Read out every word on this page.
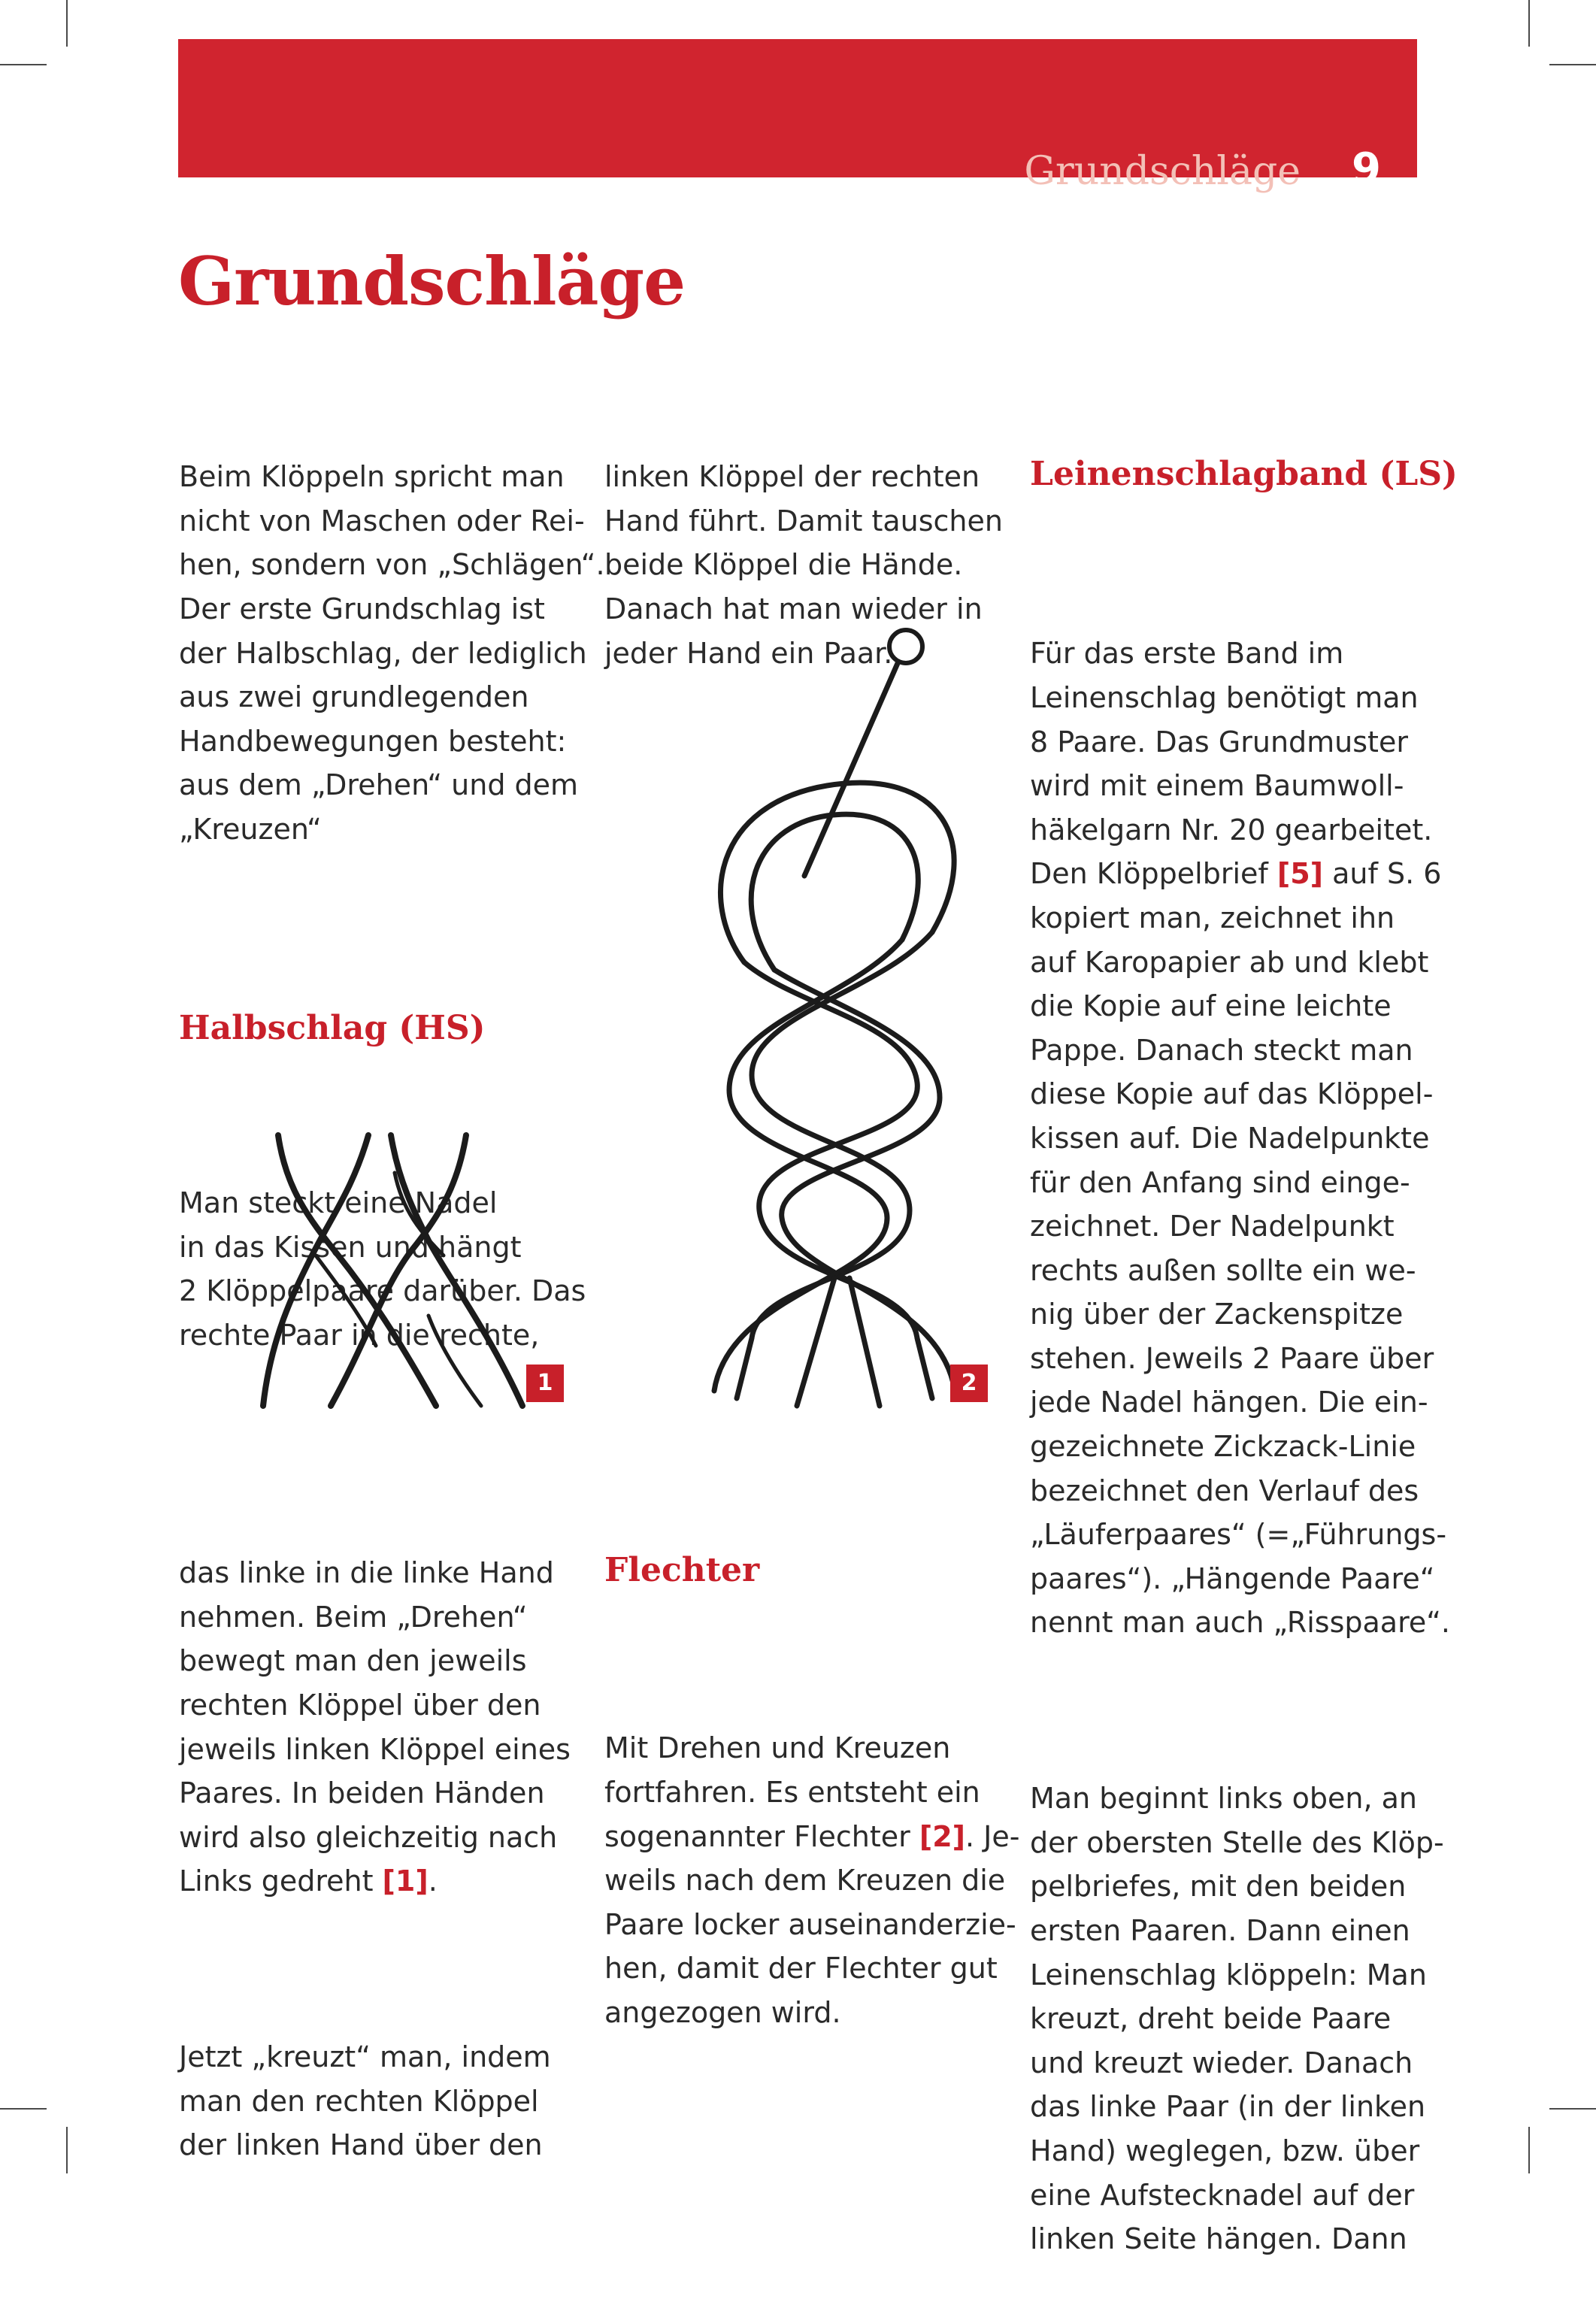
Grundschläge 9
Grundschläge

Beim Klöppeln spricht man
nicht von Maschen oder Rei-
hen, sondern von „Schlägen“.
Der erste Grundschlag ist
der Halbschlag, der lediglich
aus zwei grundlegenden
Handbewegungen besteht:
aus dem „Drehen“ und dem
„Kreuzen“

Halbschlag (HS)

Man steckt eine Nadel
in das Kissen und hängt
2 Klöppelpaare darüber. Das
rechte Paar in die rechte,

das linke in die linke Hand
nehmen. Beim „Drehen“
bewegt man den jeweils
rechten Klöppel über den
jeweils linken Klöppel eines
Paares. In beiden Händen
wird also gleichzeitig nach
Links gedreht [1].

Jetzt „kreuzt“ man, indem
man den rechten Klöppel
der linken Hand über den

linken Klöppel der rechten
Hand führt. Damit tauschen
beide Klöppel die Hände.
Danach hat man wieder in
jeder Hand ein Paar.

Flechter

Mit Drehen und Kreuzen
fortfahren. Es entsteht ein
sogenannter Flechter [2]. Je-
weils nach dem Kreuzen die
Paare locker auseinanderzie-
hen, damit der Flechter gut
angezogen wird.

Leinenschlagband (LS)

Für das erste Band im
Leinenschlag benötigt man
8 Paare. Das Grundmuster
wird mit einem Baumwoll-
häkelgarn Nr. 20 gearbeitet.
Den Klöppelbrief [5] auf S. 6
kopiert man, zeichnet ihn
auf Karopapier ab und klebt
die Kopie auf eine leichte
Pappe. Danach steckt man
diese Kopie auf das Klöppel-
kissen auf. Die Nadelpunkte
für den Anfang sind einge-
zeichnet. Der Nadelpunkt
rechts außen sollte ein we-
nig über der Zackenspitze
stehen. Jeweils 2 Paare über
jede Nadel hängen. Die ein-
gezeichnete Zickzack-Linie
bezeichnet den Verlauf des
„Läuferpaares“ (=„Führungs-
paares“). „Hängende Paare“
nennt man auch „Risspaare“.

Man beginnt links oben, an
der obersten Stelle des Klöp-
pelbriefes, mit den beiden
ersten Paaren. Dann einen
Leinenschlag klöppeln: Man
kreuzt, dreht beide Paare
und kreuzt wieder. Danach
das linke Paar (in der linken
Hand) weglegen, bzw. über
eine Aufstecknadel auf der
linken Seite hängen. Dann

1	2
